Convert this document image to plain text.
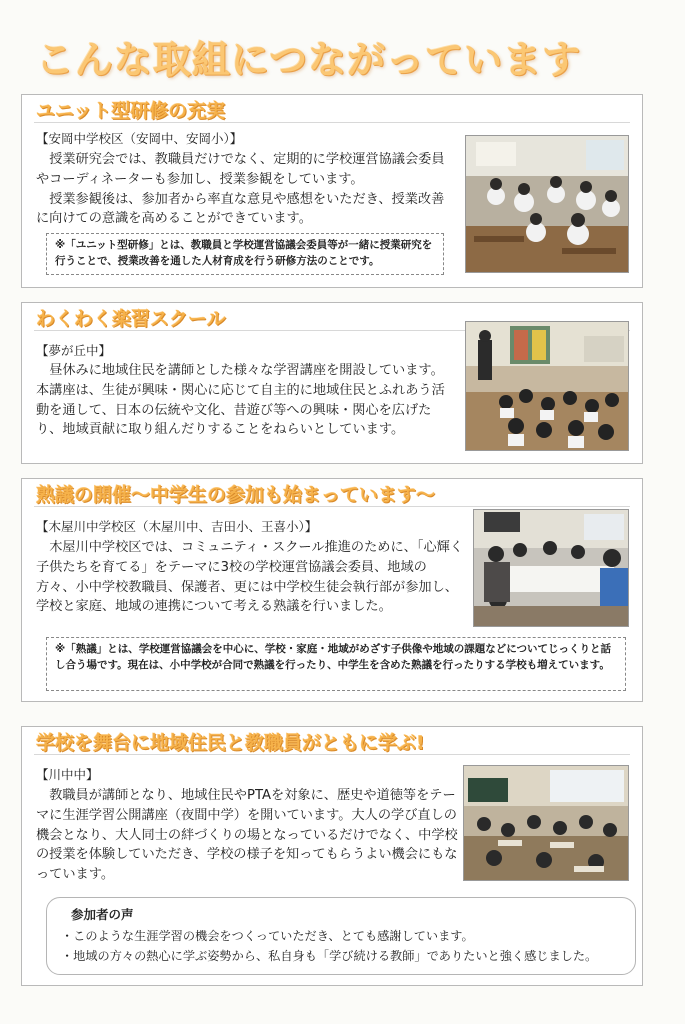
こんな取組につながっています
ユニット型研修の充実
【安岡中学校区（安岡中、安岡小）】

授業研究会では、教職員だけでなく、定期的に学校運営協議会委員やコーディネーターも参加し、授業参観をしています。

授業参観後は、参加者から率直な意見や感想をいただき、授業改善に向けての意識を高めることができています。

※「ユニット型研修」とは、教職員と学校運営協議会委員等が一緒に授業研究を行うことで、授業改善を通した人材育成を行う研修方法のことです。
わくわく楽習スクール
【夢が丘中】

昼休みに地域住民を講師とした様々な学習講座を開設しています。本講座は、生徒が興味・関心に応じて自主的に地域住民とふれあう活動を通して、日本の伝統や文化、昔遊び等への興味・関心を広げたり、地域貢献に取り組んだりすることをねらいとしています。

熟議の開催～中学生の参加も始まっています～
【木屋川中学校区（木屋川中、吉田小、王喜小）】

木屋川中学校区では、コミュニティ・スクール推進のために、「心輝く子供たちを育てる」をテーマに3校の学校運営協議会委員、地域の方々、小中学校教職員、保護者、更には中学校生徒会執行部が参加し、学校と家庭、地域の連携について考える熟議を行いました。

※「熟議」とは、学校運営協議会を中心に、学校・家庭・地域がめざす子供像や地域の課題などについてじっくりと話し合う場です。現在は、小中学校が合同で熟議を行ったり、中学生を含めた熟議を行ったりする学校も増えています。
学校を舞台に地域住民と教職員がともに学ぶ!
【川中中】

教職員が講師となり、地域住民やPTAを対象に、歴史や道徳等をテーマに生涯学習公開講座（夜間中学）を開いています。大人の学び直しの機会となり、大人同士の絆づくりの場となっているだけでなく、中学校の授業を体験していただき、学校の様子を知ってもらうよい機会にもなっています。

参加者の声
・このような生涯学習の機会をつくっていただき、とても感謝しています。
・地域の方々の熱心に学ぶ姿勢から、私自身も「学び続ける教師」でありたいと強く感じました。
